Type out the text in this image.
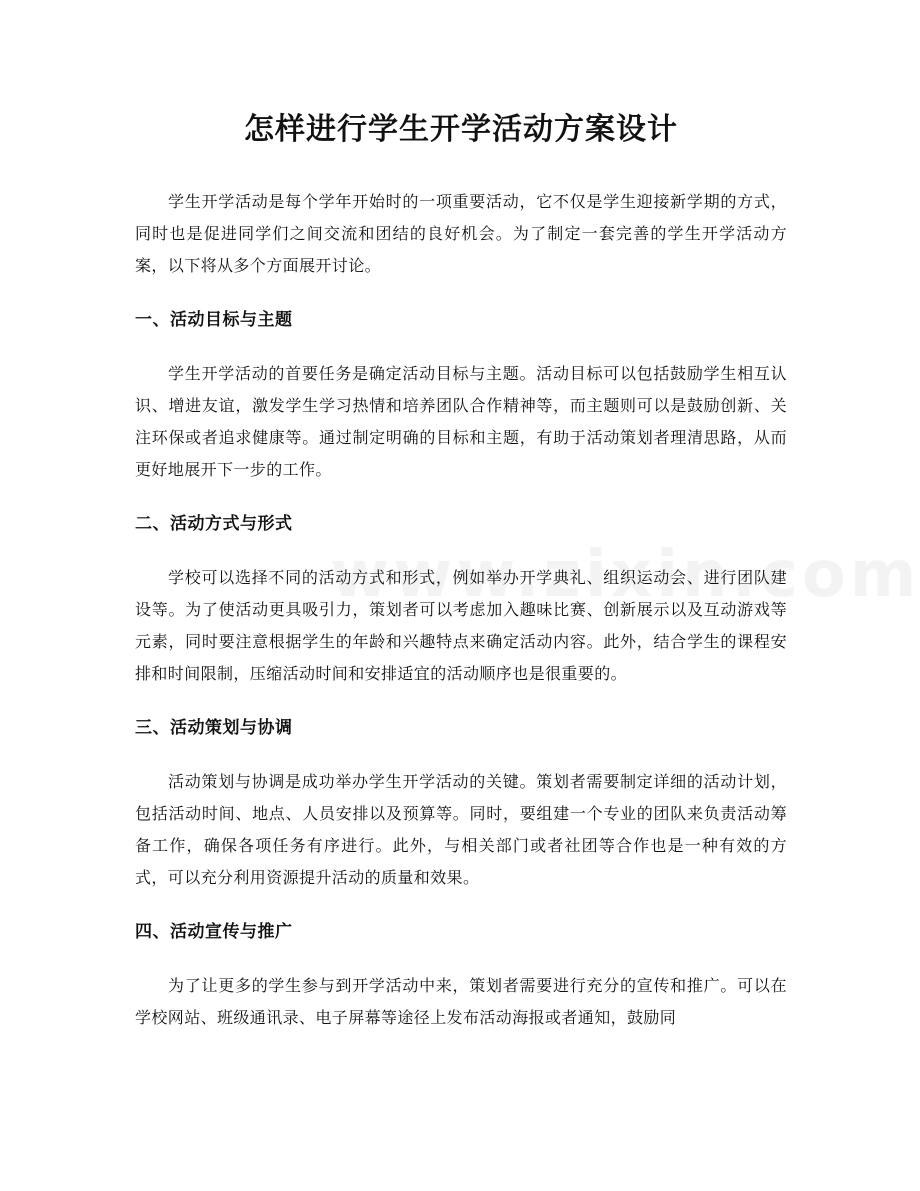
怎样进行学生开学活动方案设计

学生开学活动是每个学年开始时的一项重要活动，它不仅是学生迎接新学期的方式，同时也是促进同学们之间交流和团结的良好机会。为了制定一套完善的学生开学活动方案，以下将从多个方面展开讨论。

一、活动目标与主题

学生开学活动的首要任务是确定活动目标与主题。活动目标可以包括鼓励学生相互认识、增进友谊，激发学生学习热情和培养团队合作精神等，而主题则可以是鼓励创新、关注环保或者追求健康等。通过制定明确的目标和主题，有助于活动策划者理清思路，从而更好地展开下一步的工作。

二、活动方式与形式

学校可以选择不同的活动方式和形式，例如举办开学典礼、组织运动会、进行团队建设等。为了使活动更具吸引力，策划者可以考虑加入趣味比赛、创新展示以及互动游戏等元素，同时要注意根据学生的年龄和兴趣特点来确定活动内容。此外，结合学生的课程安排和时间限制，压缩活动时间和安排适宜的活动顺序也是很重要的。

三、活动策划与协调

活动策划与协调是成功举办学生开学活动的关键。策划者需要制定详细的活动计划，包括活动时间、地点、人员安排以及预算等。同时，要组建一个专业的团队来负责活动筹备工作，确保各项任务有序进行。此外，与相关部门或者社团等合作也是一种有效的方式，可以充分利用资源提升活动的质量和效果。

四、活动宣传与推广

为了让更多的学生参与到开学活动中来，策划者需要进行充分的宣传和推广。可以在学校网站、班级通讯录、电子屏幕等途径上发布活动海报或者通知，鼓励同
